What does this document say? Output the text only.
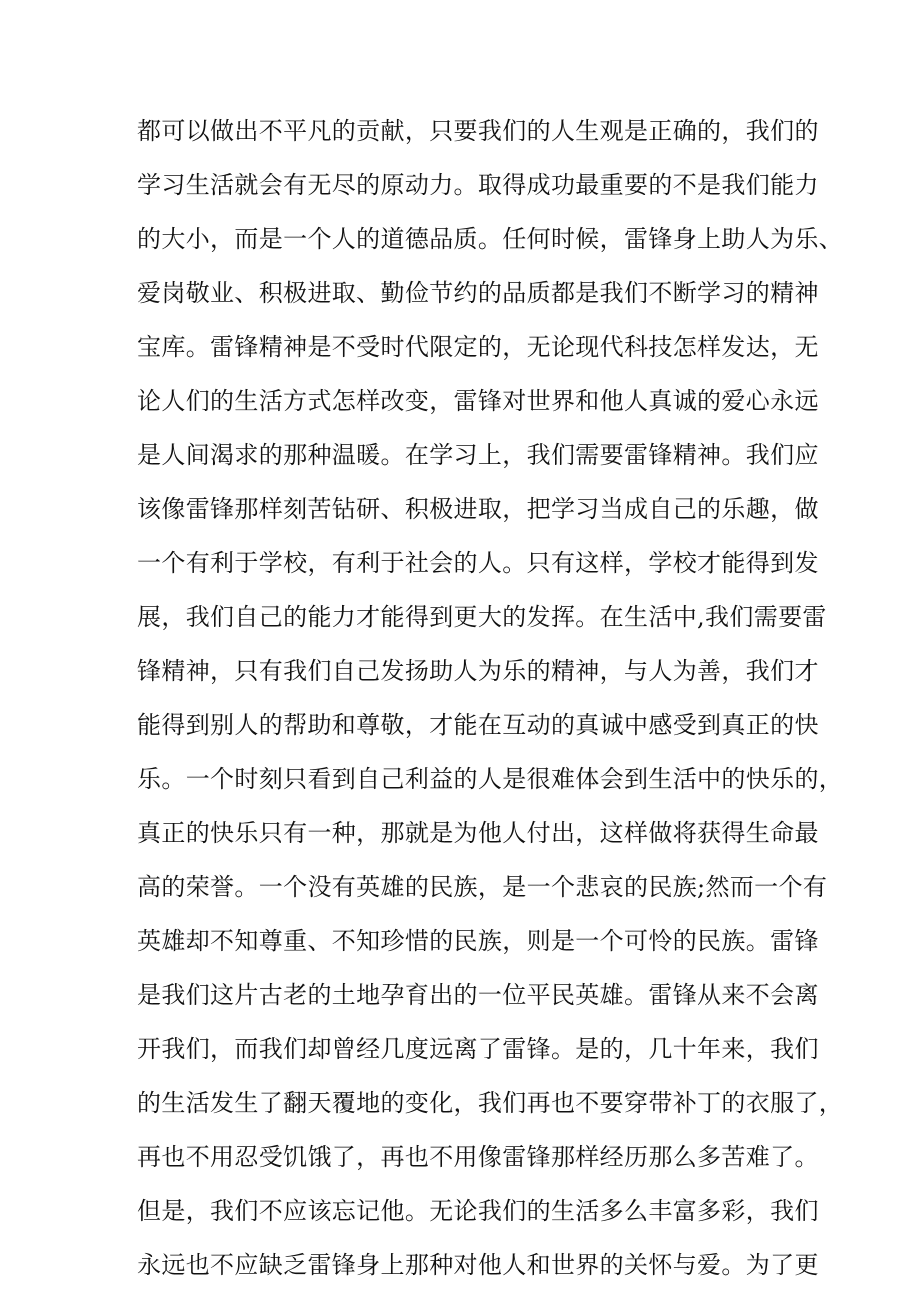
都可以做出不平凡的贡献，只要我们的人生观是正确的，我们的
学习生活就会有无尽的原动力。取得成功最重要的不是我们能力
的大小，而是一个人的道德品质。任何时候，雷锋身上助人为乐、
爱岗敬业、积极进取、勤俭节约的品质都是我们不断学习的精神
宝库。雷锋精神是不受时代限定的，无论现代科技怎样发达，无
论人们的生活方式怎样改变，雷锋对世界和他人真诚的爱心永远
是人间渴求的那种温暖。在学习上，我们需要雷锋精神。我们应
该像雷锋那样刻苦钻研、积极进取，把学习当成自己的乐趣，做
一个有利于学校，有利于社会的人。只有这样，学校才能得到发
展，我们自己的能力才能得到更大的发挥。在生活中,我们需要雷
锋精神，只有我们自己发扬助人为乐的精神，与人为善，我们才
能得到别人的帮助和尊敬，才能在互动的真诚中感受到真正的快
乐。一个时刻只看到自己利益的人是很难体会到生活中的快乐的，
真正的快乐只有一种，那就是为他人付出，这样做将获得生命最
高的荣誉。一个没有英雄的民族，是一个悲哀的民族;然而一个有
英雄却不知尊重、不知珍惜的民族，则是一个可怜的民族。雷锋
是我们这片古老的土地孕育出的一位平民英雄。雷锋从来不会离
开我们，而我们却曾经几度远离了雷锋。是的，几十年来，我们
的生活发生了翻天覆地的变化，我们再也不要穿带补丁的衣服了，
再也不用忍受饥饿了，再也不用像雷锋那样经历那么多苦难了。
但是，我们不应该忘记他。无论我们的生活多么丰富多彩，我们
永远也不应缺乏雷锋身上那种对他人和世界的关怀与爱。为了更
